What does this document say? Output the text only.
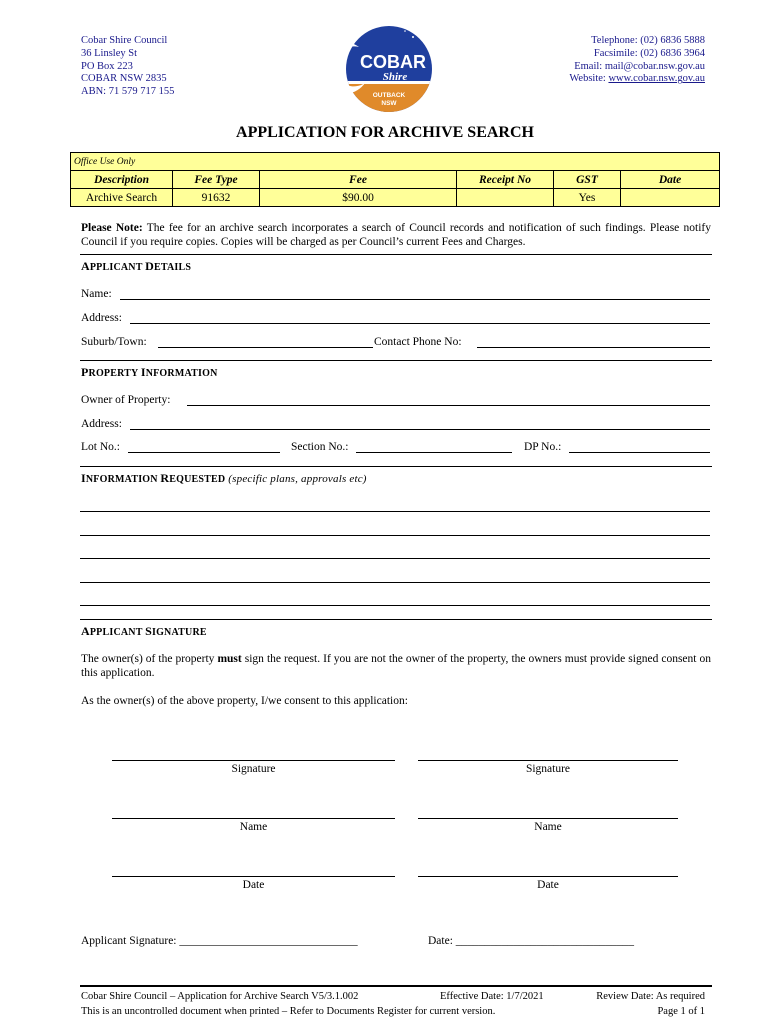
Cobar Shire Council
36 Linsley St
PO Box 223
COBAR NSW 2835
ABN: 71 579 717 155
COBAR
Shire
OUTBACK
NSW
Telephone: (02) 6836 5888
Facsimile: (02) 6836 3964
Email: mail@cobar.nsw.gov.au
Website: www.cobar.nsw.gov.au
APPLICATION FOR ARCHIVE SEARCH
Office Use Only					
Description	Fee Type	Fee	Receipt No	GST	Date
Archive Search	91632	$90.00		Yes	
Please Note: The fee for an archive search incorporates a search of Council records and notification of such findings. Please notify Council if you require copies. Copies will be charged as per Council’s current Fees and Charges.
APPLICANT DETAILS
Name:
Address:
Suburb/Town:	Contact Phone No:
PROPERTY INFORMATION
Owner of Property:
Address:
Lot No.:	Section No.:	DP No.:
INFORMATION REQUESTED (specific plans, approvals etc)
APPLICANT SIGNATURE
The owner(s) of the property must sign the request. If you are not the owner of the property, the owners must provide signed consent on this application.
As the owner(s) of the above property, I/we consent to this application:
Signature	Signature
Name	Name
Date	Date
Applicant Signature: _______________________________	Date: _______________________________
Cobar Shire Council – Application for Archive Search V5/3.1.002	Effective Date: 1/7/2021	Review Date: As required
This is an uncontrolled document when printed – Refer to Documents Register for current version.	Page 1 of 1
